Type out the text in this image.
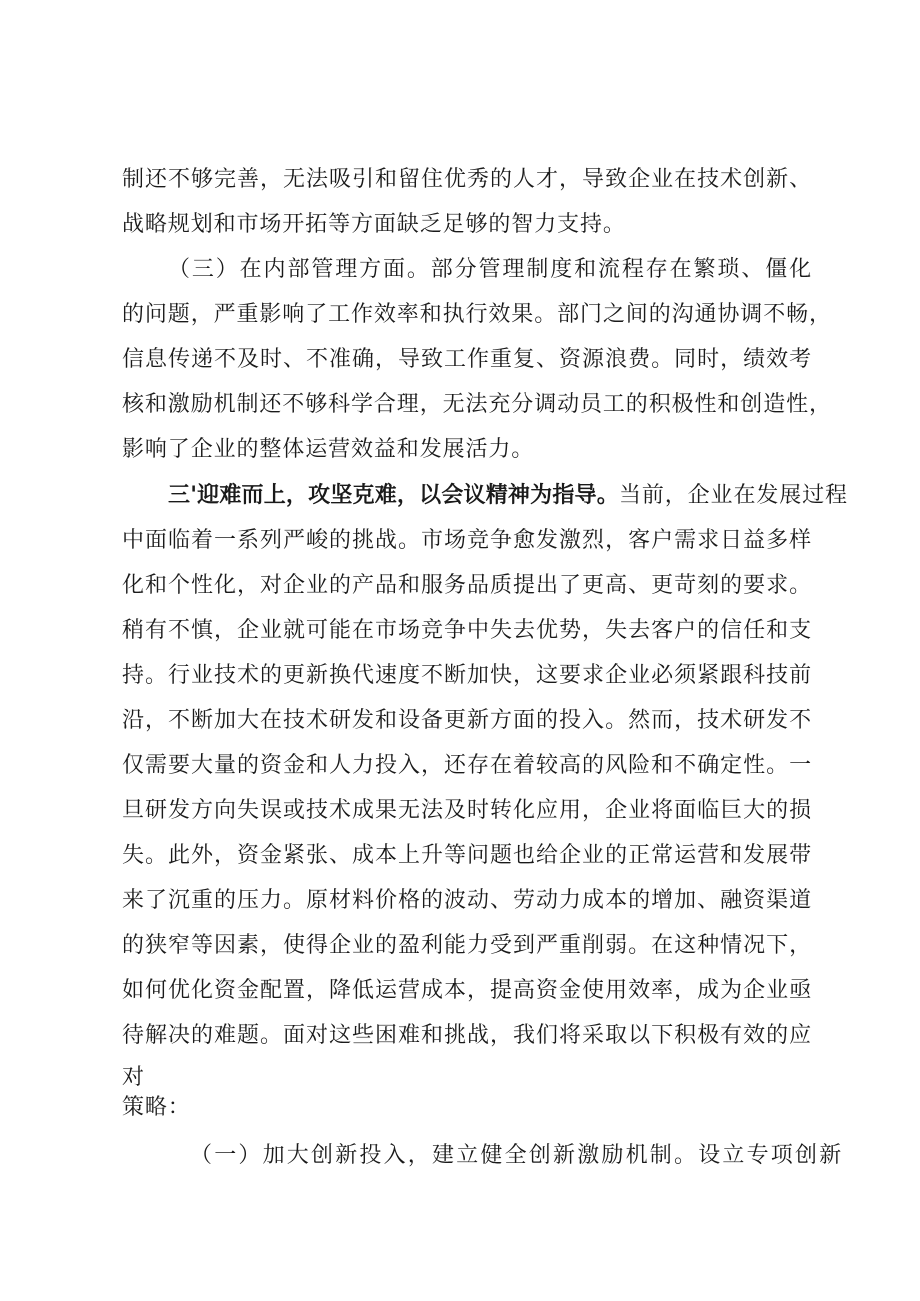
制还不够完善，无法吸引和留住优秀的人才，导致企业在技术创新、
战略规划和市场开拓等方面缺乏足够的智力支持。
（三）在内部管理方面。部分管理制度和流程存在繁琐、僵化
的问题，严重影响了工作效率和执行效果。部门之间的沟通协调不畅，
信息传递不及时、不准确，导致工作重复、资源浪费。同时，绩效考
核和激励机制还不够科学合理，无法充分调动员工的积极性和创造性，
影响了企业的整体运营效益和发展活力。
三'迎难而上，攻坚克难，以会议精神为指导。当前，企业在发展过程
中面临着一系列严峻的挑战。市场竞争愈发激烈，客户需求日益多样
化和个性化，对企业的产品和服务品质提出了更高、更苛刻的要求。
稍有不慎，企业就可能在市场竞争中失去优势，失去客户的信任和支
持。行业技术的更新换代速度不断加快，这要求企业必须紧跟科技前
沿，不断加大在技术研发和设备更新方面的投入。然而，技术研发不
仅需要大量的资金和人力投入，还存在着较高的风险和不确定性。一
旦研发方向失误或技术成果无法及时转化应用，企业将面临巨大的损
失。此外，资金紧张、成本上升等问题也给企业的正常运营和发展带
来了沉重的压力。原材料价格的波动、劳动力成本的增加、融资渠道
的狭窄等因素，使得企业的盈利能力受到严重削弱。在这种情况下，
如何优化资金配置，降低运营成本，提高资金使用效率，成为企业亟
待解决的难题。面对这些困难和挑战，我们将采取以下积极有效的应
对
策略：
（一）加大创新投入，建立健全创新激励机制。设立专项创新
